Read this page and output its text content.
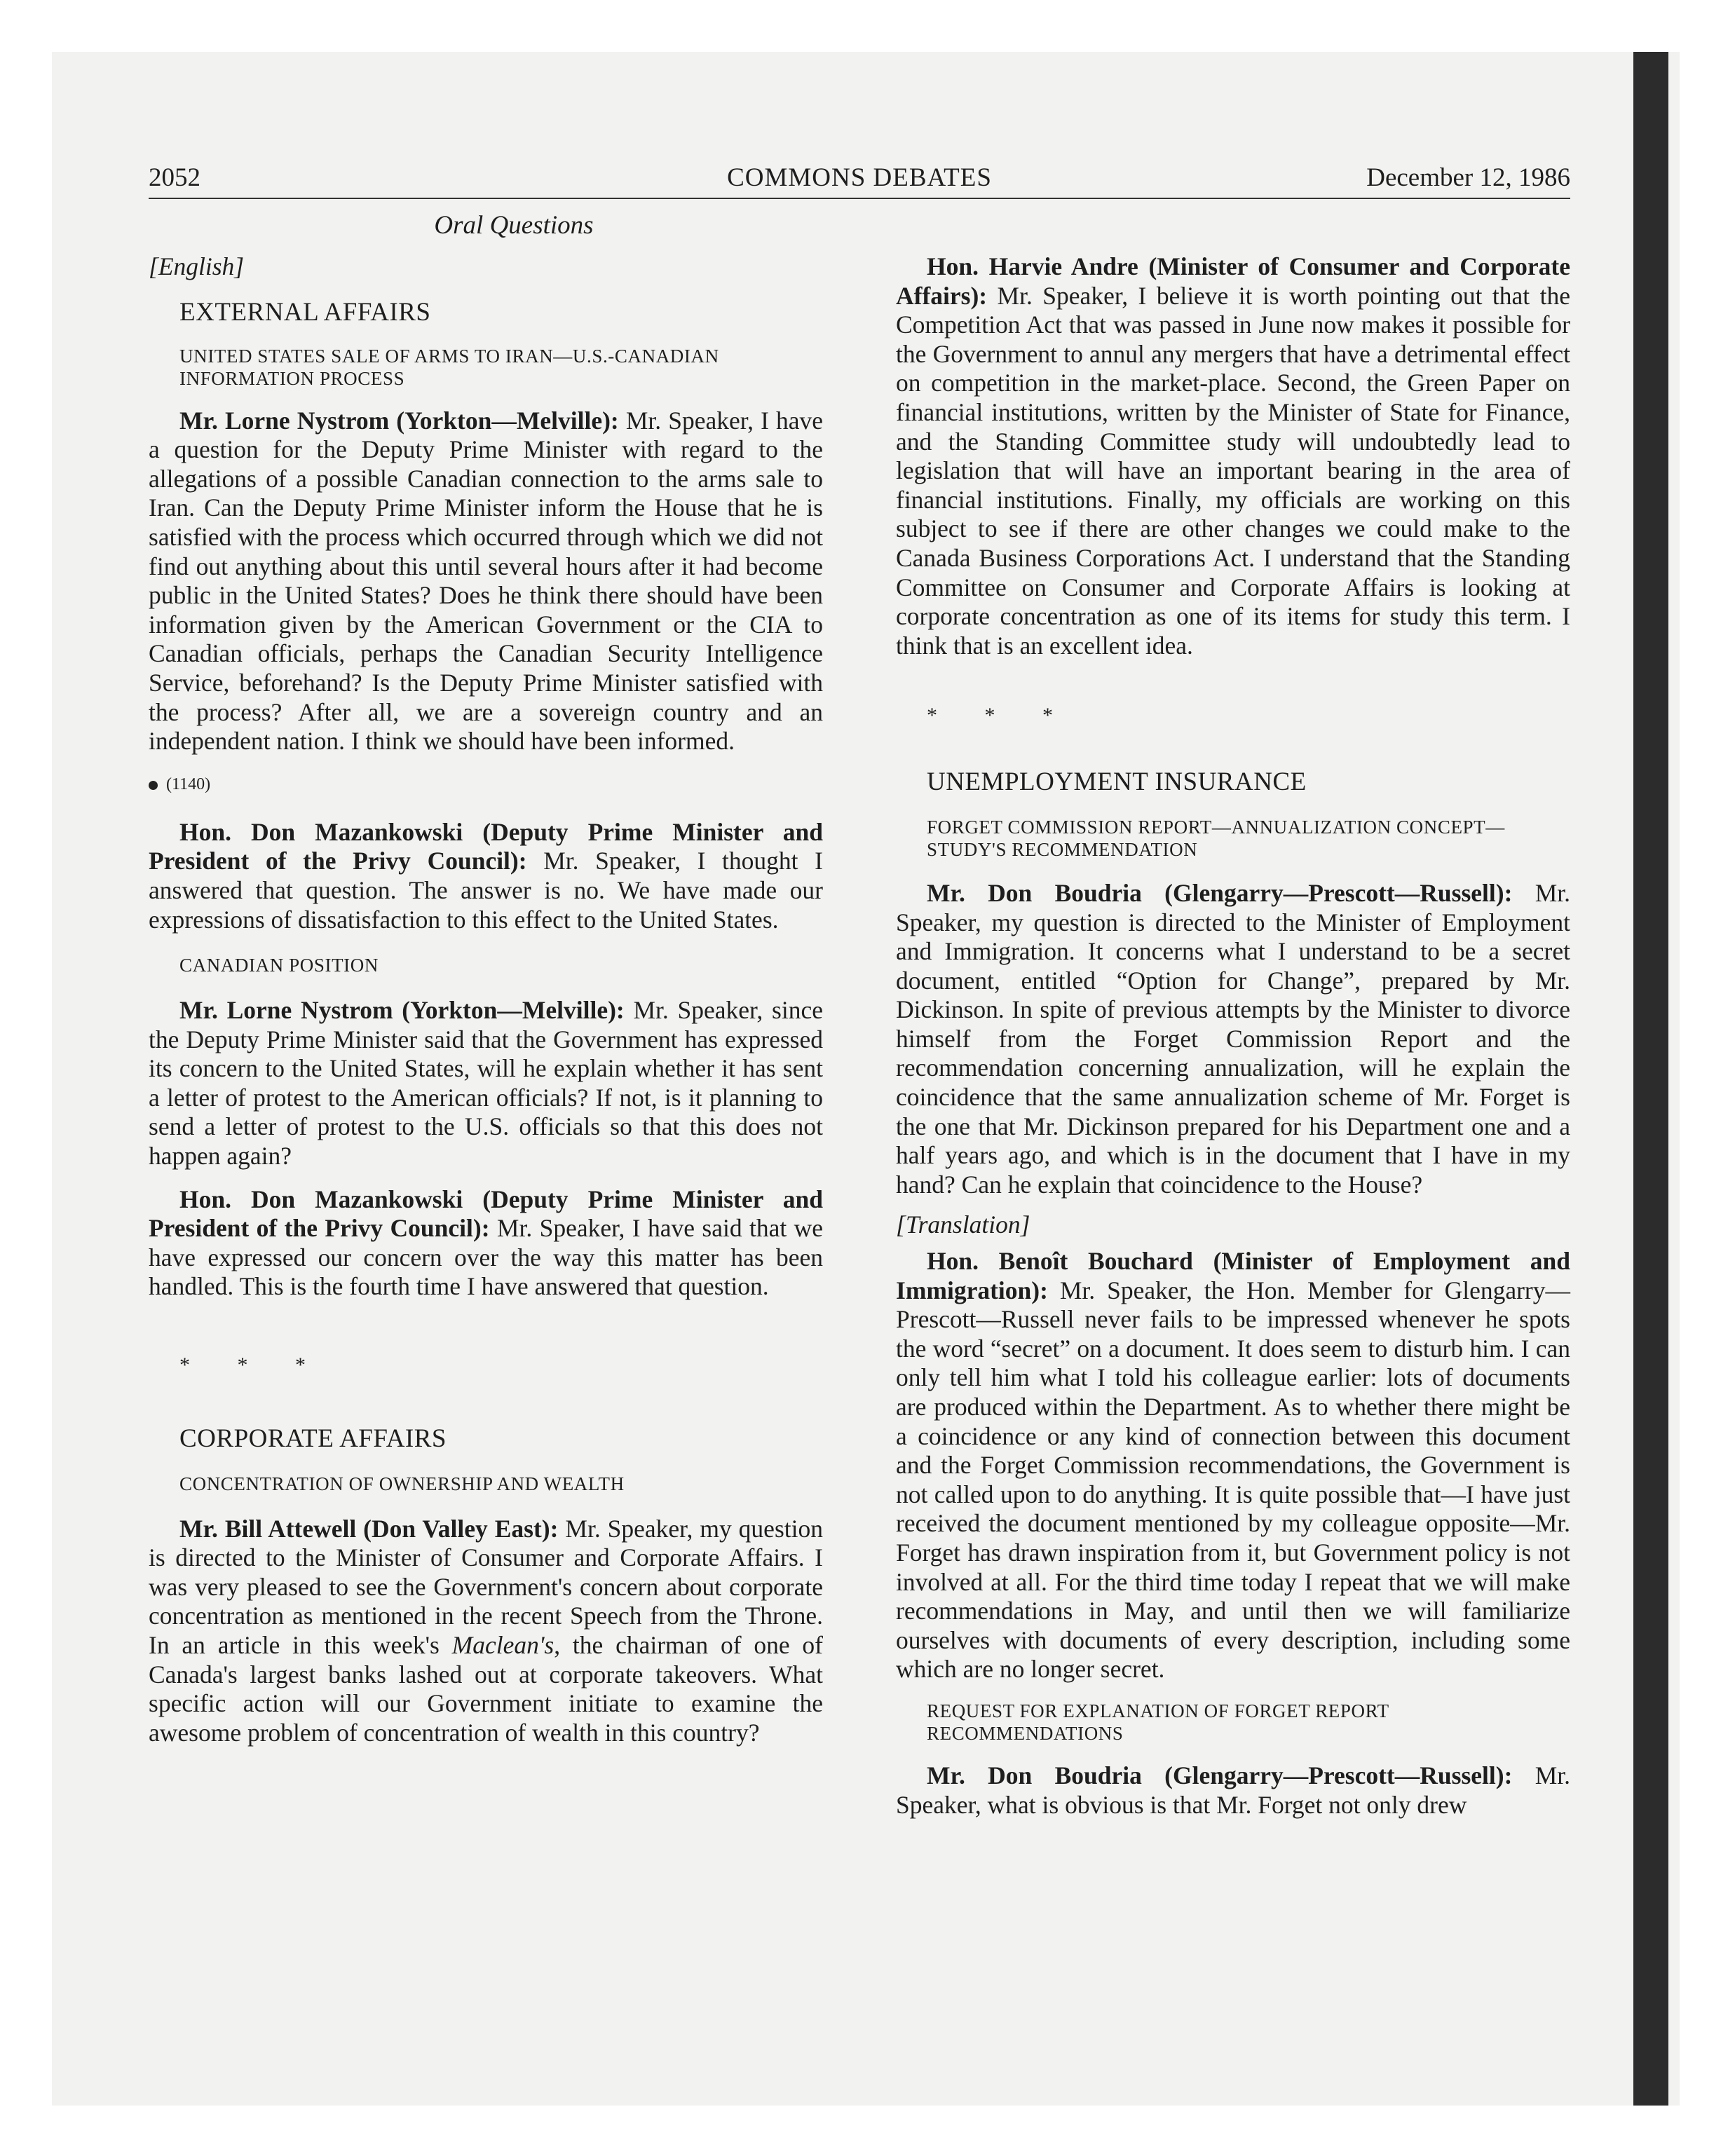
2052	COMMONS DEBATES	December 12, 1986
Oral Questions

[English]

EXTERNAL AFFAIRS

UNITED STATES SALE OF ARMS TO IRAN—U.S.-CANADIAN

INFORMATION PROCESS

Mr. Lorne Nystrom (Yorkton—Melville): Mr. Speaker, I have a question for the Deputy Prime Minister with regard to the allegations of a possible Canadian connection to the arms sale to Iran. Can the Deputy Prime Minister inform the House that he is satisfied with the process which occurred through which we did not find out anything about this until several hours after it had become public in the United States? Does he think there should have been information given by the American Government or the CIA to Canadian officials, perhaps the Canadian Security Intelligence Service, beforehand? Is the Deputy Prime Minister satisfied with the process? After all, we are a sovereign country and an independent nation. I think we should have been informed.

(1140)

Hon. Don Mazankowski (Deputy Prime Minister and President of the Privy Council): Mr. Speaker, I thought I answered that question. The answer is no. We have made our expressions of dissatisfaction to this effect to the United States.

CANADIAN POSITION

Mr. Lorne Nystrom (Yorkton—Melville): Mr. Speaker, since the Deputy Prime Minister said that the Government has expressed its concern to the United States, will he explain whether it has sent a letter of protest to the American officials? If not, is it planning to send a letter of protest to the U.S. officials so that this does not happen again?

Hon. Don Mazankowski (Deputy Prime Minister and President of the Privy Council): Mr. Speaker, I have said that we have expressed our concern over the way this matter has been handled. This is the fourth time I have answered that question.

* * *

CORPORATE AFFAIRS

CONCENTRATION OF OWNERSHIP AND WEALTH

Mr. Bill Attewell (Don Valley East): Mr. Speaker, my question is directed to the Minister of Consumer and Corporate Affairs. I was very pleased to see the Government's concern about corporate concentration as mentioned in the recent Speech from the Throne. In an article in this week's Maclean's, the chairman of one of Canada's largest banks lashed out at corporate takeovers. What specific action will our Government initiate to examine the awesome problem of concentration of wealth in this country?

Hon. Harvie Andre (Minister of Consumer and Corporate Affairs): Mr. Speaker, I believe it is worth pointing out that the Competition Act that was passed in June now makes it possible for the Government to annul any mergers that have a detrimental effect on competition in the market-place. Second, the Green Paper on financial institutions, written by the Minister of State for Finance, and the Standing Committee study will undoubtedly lead to legislation that will have an important bearing in the area of financial institutions. Finally, my officials are working on this subject to see if there are other changes we could make to the Canada Business Corporations Act. I understand that the Standing Committee on Consumer and Corporate Affairs is looking at corporate concentration as one of its items for study this term. I think that is an excellent idea.

* * *

UNEMPLOYMENT INSURANCE

FORGET COMMISSION REPORT—ANNUALIZATION CONCEPT—

STUDY'S RECOMMENDATION

Mr. Don Boudria (Glengarry—Prescott—Russell): Mr. Speaker, my question is directed to the Minister of Employment and Immigration. It concerns what I understand to be a secret document, entitled “Option for Change”, prepared by Mr. Dickinson. In spite of previous attempts by the Minister to divorce himself from the Forget Commission Report and the recommendation concerning annualization, will he explain the coincidence that the same annualization scheme of Mr. Forget is the one that Mr. Dickinson prepared for his Department one and a half years ago, and which is in the document that I have in my hand? Can he explain that coincidence to the House?

[Translation]

Hon. Benoît Bouchard (Minister of Employment and Immigration): Mr. Speaker, the Hon. Member for Glengarry—Prescott—Russell never fails to be impressed whenever he spots the word “secret” on a document. It does seem to disturb him. I can only tell him what I told his colleague earlier: lots of documents are produced within the Department. As to whether there might be a coincidence or any kind of connection between this document and the Forget Commission recommendations, the Government is not called upon to do anything. It is quite possible that—I have just received the document mentioned by my colleague opposite—Mr. Forget has drawn inspiration from it, but Government policy is not involved at all. For the third time today I repeat that we will make recommendations in May, and until then we will familiarize ourselves with documents of every description, including some which are no longer secret.

REQUEST FOR EXPLANATION OF FORGET REPORT

RECOMMENDATIONS

Mr. Don Boudria (Glengarry—Prescott—Russell): Mr. Speaker, what is obvious is that Mr. Forget not only drew
